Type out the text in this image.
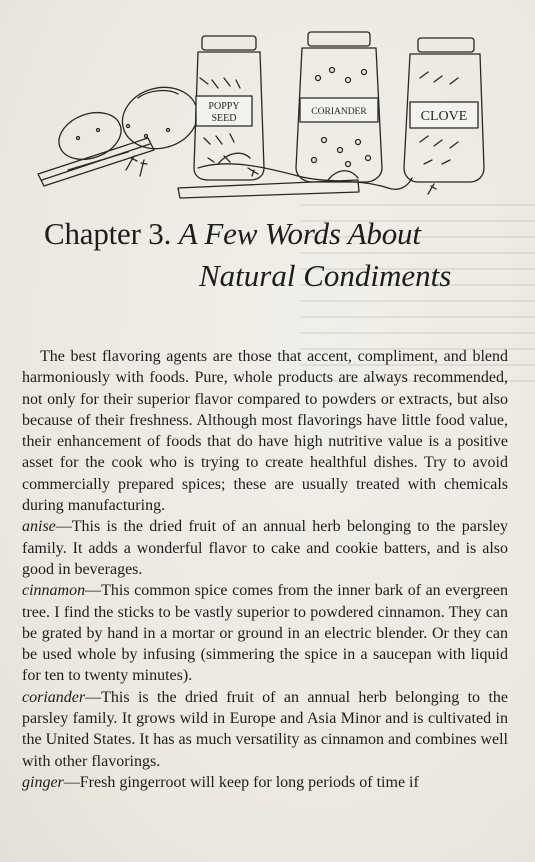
POPPY
SEED
CORIANDER	CLOVE
Chapter 3. A Few Words About
Natural Condiments

The best flavoring agents are those that accent, compliment, and blend harmoniously with foods. Pure, whole products are always recommended, not only for their superior flavor compared to powders or extracts, but also because of their freshness. Although most flavorings have little food value, their enhancement of foods that do have high nutritive value is a positive asset for the cook who is trying to create healthful dishes. Try to avoid commercially prepared spices; these are usually treated with chemicals during manufacturing.

anise—This is the dried fruit of an annual herb belonging to the parsley family. It adds a wonderful flavor to cake and cookie batters, and is also good in beverages.

cinnamon—This common spice comes from the inner bark of an evergreen tree. I find the sticks to be vastly superior to powdered cinnamon. They can be grated by hand in a mortar or ground in an electric blender. Or they can be used whole by infusing (simmering the spice in a saucepan with liquid for ten to twenty minutes).

coriander—This is the dried fruit of an annual herb belonging to the parsley family. It grows wild in Europe and Asia Minor and is cultivated in the United States. It has as much versatility as cinnamon and combines well with other flavorings.

ginger—Fresh gingerroot will keep for long periods of time if
